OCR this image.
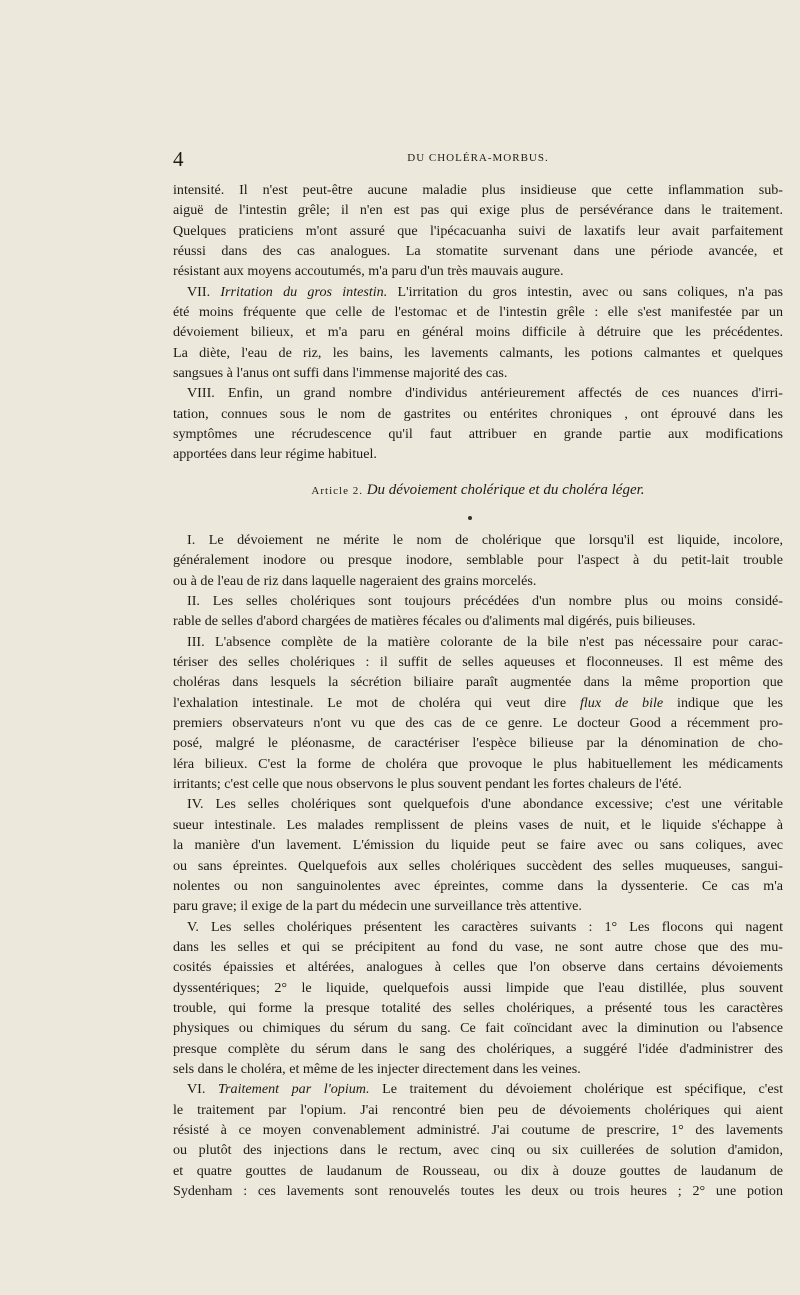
4	DU CHOLÉRA-MORBUS.
intensité. Il n'est peut-être aucune maladie plus insidieuse que cette inflammation sub-
aiguë de l'intestin grêle; il n'en est pas qui exige plus de persévérance dans le traitement.
Quelques praticiens m'ont assuré que l'ipécacuanha suivi de laxatifs leur avait parfaitement
réussi dans des cas analogues. La stomatite survenant dans une période avancée, et
résistant aux moyens accoutumés, m'a paru d'un très mauvais augure.
VII. Irritation du gros intestin. L'irritation du gros intestin, avec ou sans coliques, n'a pas
été moins fréquente que celle de l'estomac et de l'intestin grêle : elle s'est manifestée par un
dévoiement bilieux, et m'a paru en général moins difficile à détruire que les précédentes.
La diète, l'eau de riz, les bains, les lavements calmants, les potions calmantes et quelques
sangsues à l'anus ont suffi dans l'immense majorité des cas.
VIII. Enfin, un grand nombre d'individus antérieurement affectés de ces nuances d'irri-
tation, connues sous le nom de gastrites ou entérites chroniques , ont éprouvé dans les
symptômes une récrudescence qu'il faut attribuer en grande partie aux modifications
apportées dans leur régime habituel.
Article 2. Du dévoiement cholérique et du choléra léger.
I. Le dévoiement ne mérite le nom de cholérique que lorsqu'il est liquide, incolore,
généralement inodore ou presque inodore, semblable pour l'aspect à du petit-lait trouble
ou à de l'eau de riz dans laquelle nageraient des grains morcelés.
II. Les selles cholériques sont toujours précédées d'un nombre plus ou moins considé-
rable de selles d'abord chargées de matières fécales ou d'aliments mal digérés, puis bilieuses.
III. L'absence complète de la matière colorante de la bile n'est pas nécessaire pour carac-
tériser des selles cholériques : il suffit de selles aqueuses et floconneuses. Il est même des
choléras dans lesquels la sécrétion biliaire paraît augmentée dans la même proportion que
l'exhalation intestinale. Le mot de choléra qui veut dire flux de bile indique que les
premiers observateurs n'ont vu que des cas de ce genre. Le docteur Good a récemment pro-
posé, malgré le pléonasme, de caractériser l'espèce bilieuse par la dénomination de cho-
léra bilieux. C'est la forme de choléra que provoque le plus habituellement les médicaments
irritants; c'est celle que nous observons le plus souvent pendant les fortes chaleurs de l'été.
IV. Les selles cholériques sont quelquefois d'une abondance excessive; c'est une véritable
sueur intestinale. Les malades remplissent de pleins vases de nuit, et le liquide s'échappe à
la manière d'un lavement. L'émission du liquide peut se faire avec ou sans coliques, avec
ou sans épreintes. Quelquefois aux selles cholériques succèdent des selles muqueuses, sangui-
nolentes ou non sanguinolentes avec épreintes, comme dans la dyssenterie. Ce cas m'a
paru grave; il exige de la part du médecin une surveillance très attentive.
V. Les selles cholériques présentent les caractères suivants : 1° Les flocons qui nagent
dans les selles et qui se précipitent au fond du vase, ne sont autre chose que des mu-
cosités épaissies et altérées, analogues à celles que l'on observe dans certains dévoiements
dyssentériques; 2° le liquide, quelquefois aussi limpide que l'eau distillée, plus souvent
trouble, qui forme la presque totalité des selles cholériques, a présenté tous les caractères
physiques ou chimiques du sérum du sang. Ce fait coïncidant avec la diminution ou l'absence
presque complète du sérum dans le sang des cholériques, a suggéré l'idée d'administrer des
sels dans le choléra, et même de les injecter directement dans les veines.
VI. Traitement par l'opium. Le traitement du dévoiement cholérique est spécifique, c'est
le traitement par l'opium. J'ai rencontré bien peu de dévoiements cholériques qui aient
résisté à ce moyen convenablement administré. J'ai coutume de prescrire, 1° des lavements
ou plutôt des injections dans le rectum, avec cinq ou six cuillerées de solution d'amidon,
et quatre gouttes de laudanum de Rousseau, ou dix à douze gouttes de laudanum de
Sydenham : ces lavements sont renouvelés toutes les deux ou trois heures ; 2° une potion
